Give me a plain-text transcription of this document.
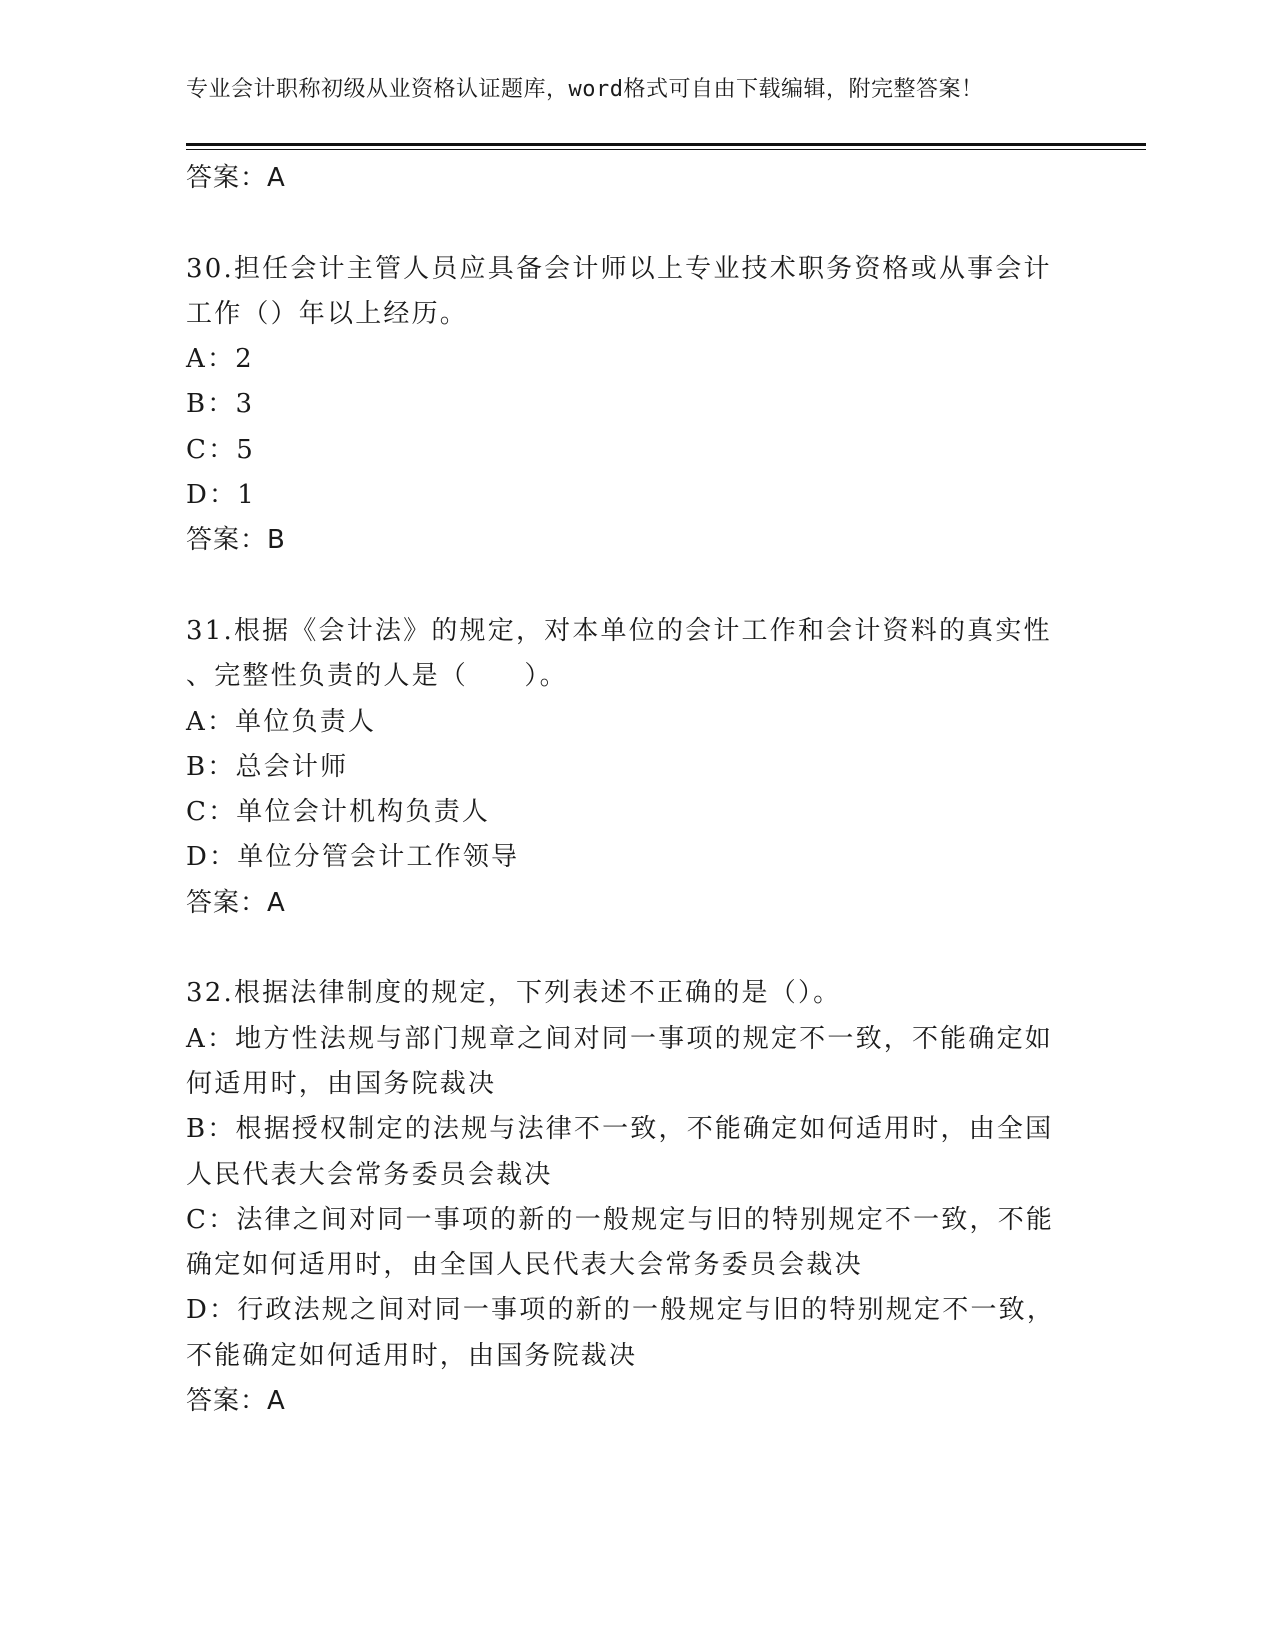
专业会计职称初级从业资格认证题库，word格式可自由下载编辑，附完整答案！
答案：A
30.担任会计主管人员应具备会计师以上专业技术职务资格或从事会计
工作（）年以上经历。
A：2
B：3
C：5
D：1
答案：B
31.根据《会计法》的规定，对本单位的会计工作和会计资料的真实性
、完整性负责的人是（　　）。
A：单位负责人
B：总会计师
C：单位会计机构负责人
D：单位分管会计工作领导
答案：A
32.根据法律制度的规定，下列表述不正确的是（）。
A：地方性法规与部门规章之间对同一事项的规定不一致，不能确定如
何适用时，由国务院裁决
B：根据授权制定的法规与法律不一致，不能确定如何适用时，由全国
人民代表大会常务委员会裁决
C：法律之间对同一事项的新的一般规定与旧的特别规定不一致，不能
确定如何适用时，由全国人民代表大会常务委员会裁决
D：行政法规之间对同一事项的新的一般规定与旧的特别规定不一致，
不能确定如何适用时，由国务院裁决
答案：A
